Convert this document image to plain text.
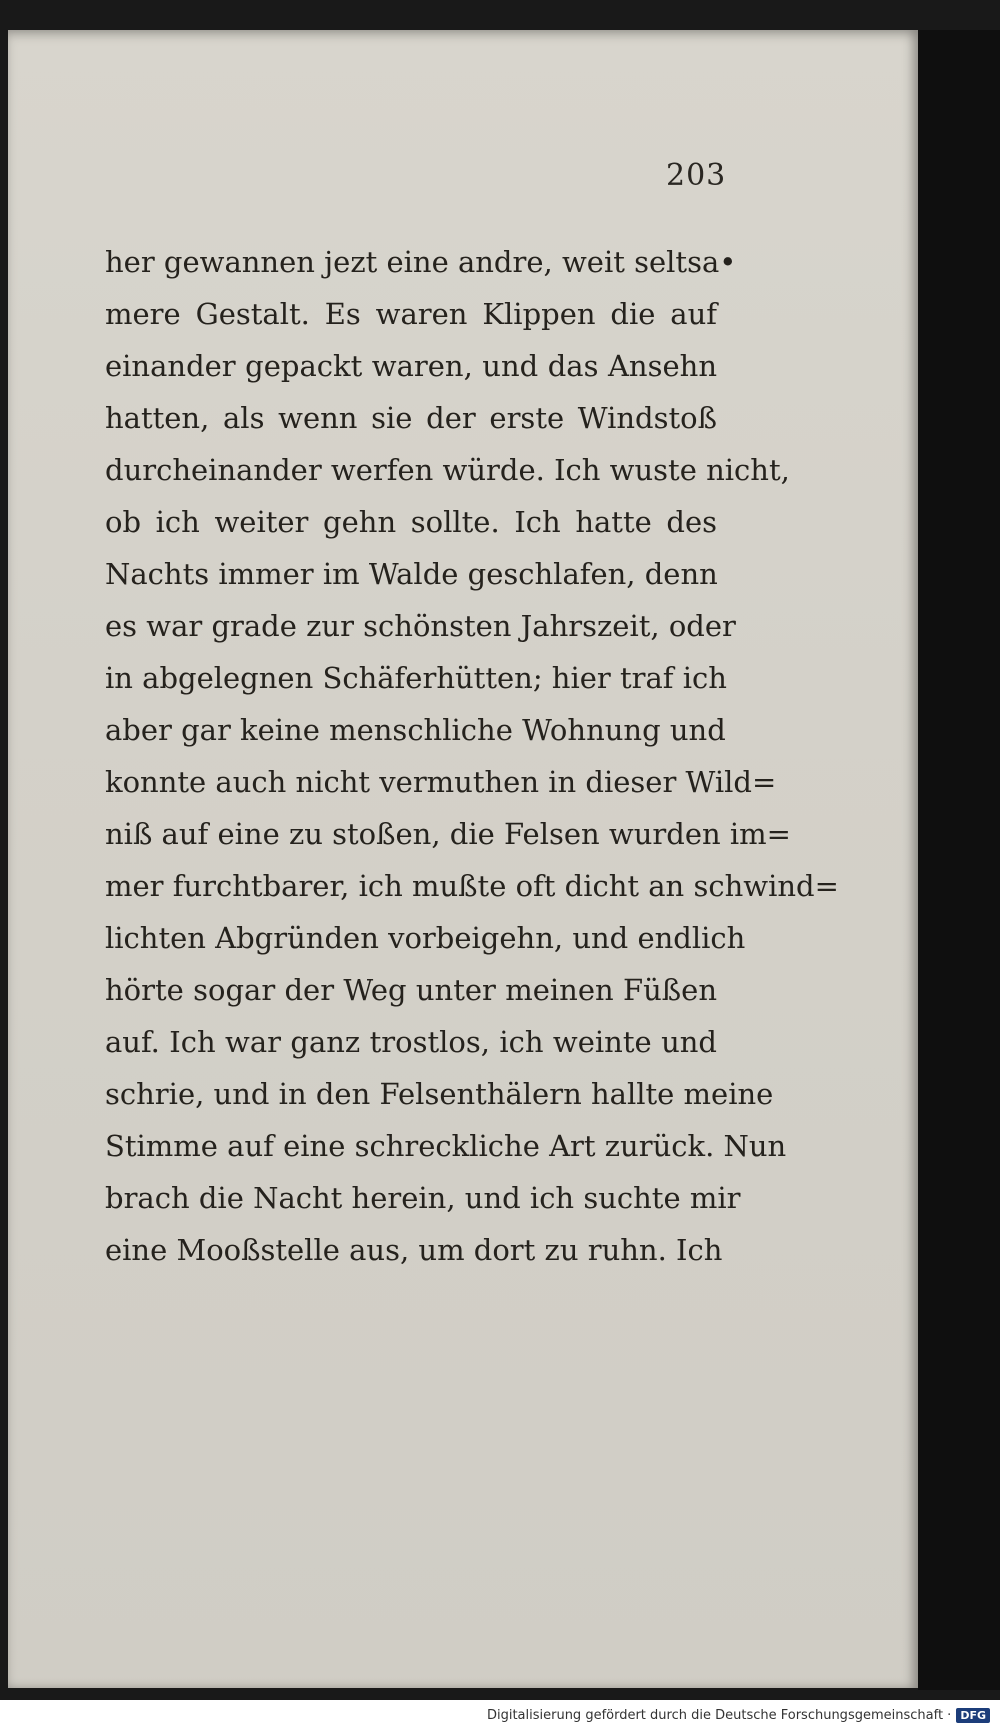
203
her gewannen jezt eine andre, weit seltsa•
mere Gestalt. Es waren Klippen die auf
einander gepackt waren, und das Ansehn
hatten, als wenn sie der erste Windstoß
durcheinander werfen würde. Ich wuste nicht,
ob ich weiter gehn sollte. Ich hatte des
Nachts immer im Walde geschlafen, denn
es war grade zur schönsten Jahrszeit, oder
in abgelegnen Schäferhütten; hier traf ich
aber gar keine menschliche Wohnung und
konnte auch nicht vermuthen in dieser Wild=
niß auf eine zu stoßen, die Felsen wurden im=
mer furchtbarer, ich mußte oft dicht an schwind=
lichten Abgründen vorbeigehn, und endlich
hörte sogar der Weg unter meinen Füßen
auf. Ich war ganz trostlos, ich weinte und
schrie, und in den Felsenthälern hallte meine
Stimme auf eine schreckliche Art zurück. Nun
brach die Nacht herein, und ich suchte mir
eine Mooßstelle aus, um dort zu ruhn. Ich
Digitalisierung gefördert durch die Deutsche Forschungsgemeinschaft · DFG
